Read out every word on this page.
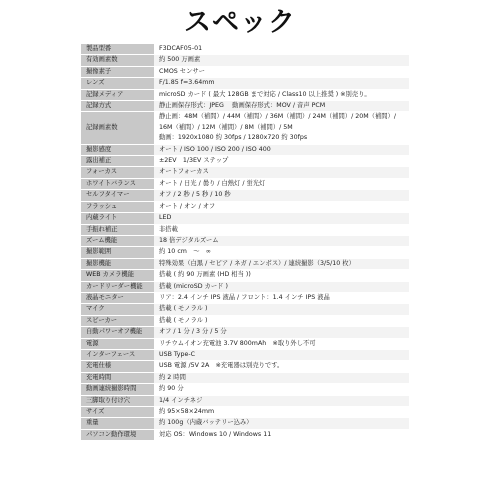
スペック
製品型番	F3DCAF05-01

有効画素数	約 500 万画素

撮像素子	CMOS センサー

レンズ	F/1.85 f=3.64mm

記録メディア	microSD カード ( 最大 128GB まで対応 / Class10 以上推奨 ) ※別売り。

記録方式	静止画保存形式：JPEG　 動画保存形式：MOV / 音声 PCM

記録画素数	静止画：48M（補間）/ 44M（補間）/ 36M（補間）/ 24M（補間）/ 20M（補間）/
16M（補間）/ 12M（補間）/ 8M（補間）/ 5M
動画：1920x1080 約 30fps / 1280x720 約 30fps

撮影感度	オート / ISO 100 / ISO 200 / ISO 400

露出補正	±2EV　1/3EV ステップ

フォーカス	オートフォーカス

ホワイトバランス	オート / 日光 / 曇り / 白熱灯 / 蛍光灯

セルフタイマー	オフ / 2 秒 / 5 秒 / 10 秒

フラッシュ	オート / オン / オフ

内蔵ライト	LED

手振れ補正	非搭載

ズーム機能	18 倍デジタルズーム

撮影範囲	約 10 cm　～　∞

撮影機能	特殊効果（白黒 / セピア / ネガ / エンボス）/ 連続撮影（3/5/10 枚）

WEB カメラ機能	搭載 ( 約 90 万画素 (HD 相当 ))

カードリーダー機能	搭載 (microSD カード )

液晶モニター	リア：2.4 インチ IPS 液晶 / フロント：1.4 インチ IPS 液晶

マイク	搭載 ( モノラル )

スピーカー	搭載 ( モノラル )

自動パワーオフ機能	オフ / 1 分 / 3 分 / 5 分

電源	リチウムイオン充電池 3.7V 800mAh　※取り外し不可

インターフェース	USB Type-C

充電仕様	USB 電源 /5V 2A　※充電器は別売りです。

充電時間	約 2 時間

動画連続撮影時間	約 90 分

三脚取り付け穴	1/4 インチネジ

サイズ	約 95×58×24mm

重量	約 100g（内蔵バッテリー込み）

パソコン動作環境	対応 OS：Windows 10 / Windows 11
